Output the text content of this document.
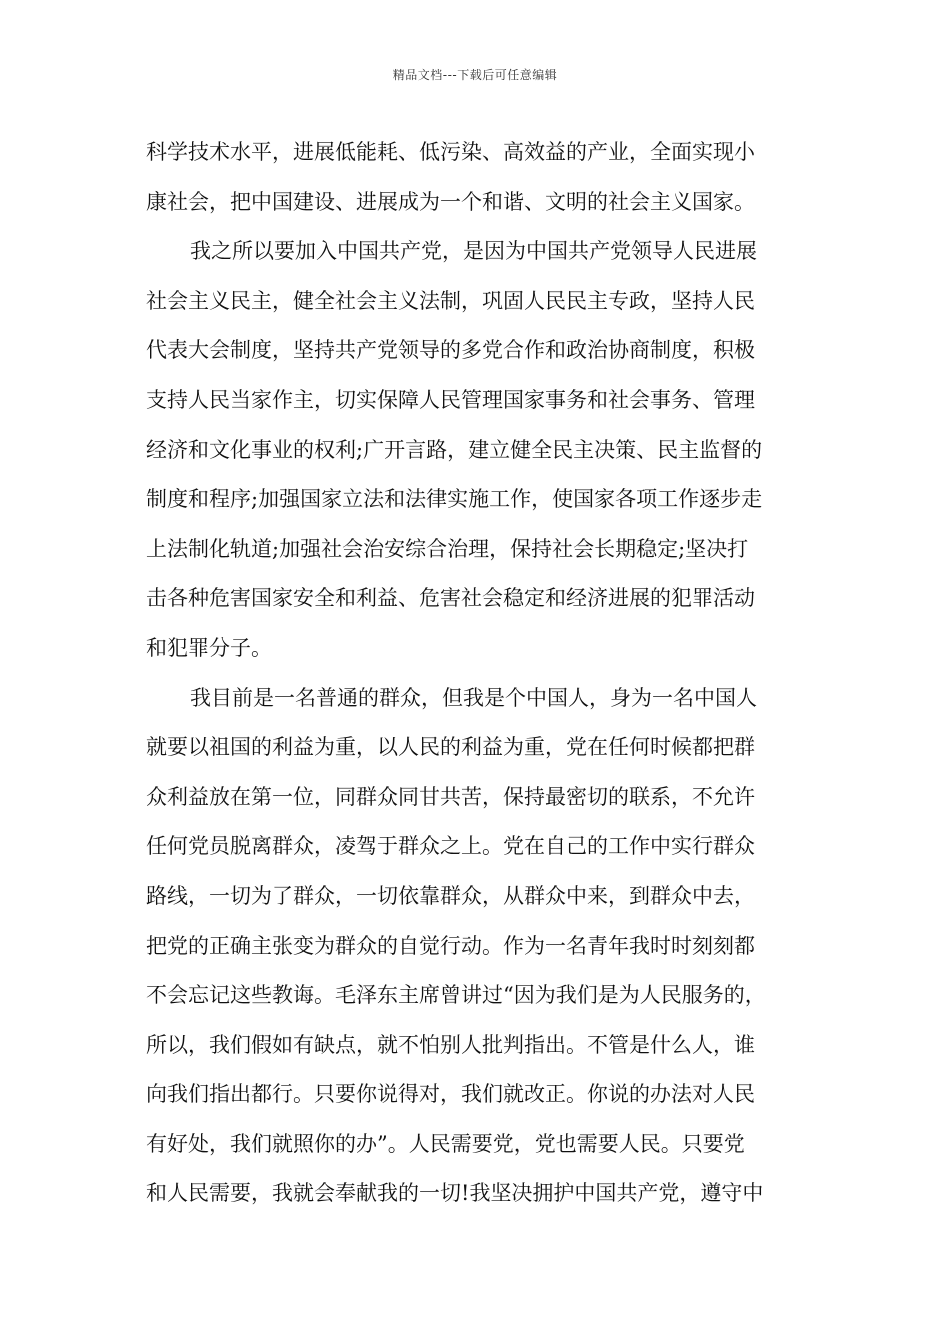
精品文档---下载后可任意编辑
科学技术水平，进展低能耗、低污染、高效益的产业，全面实现小
康社会，把中国建设、进展成为一个和谐、文明的社会主义国家。
我之所以要加入中国共产党，是因为中国共产党领导人民进展
社会主义民主，健全社会主义法制，巩固人民民主专政，坚持人民
代表大会制度，坚持共产党领导的多党合作和政治协商制度，积极
支持人民当家作主，切实保障人民管理国家事务和社会事务、管理
经济和文化事业的权利;广开言路，建立健全民主决策、民主监督的
制度和程序;加强国家立法和法律实施工作，使国家各项工作逐步走
上法制化轨道;加强社会治安综合治理，保持社会长期稳定;坚决打
击各种危害国家安全和利益、危害社会稳定和经济进展的犯罪活动
和犯罪分子。
我目前是一名普通的群众，但我是个中国人，身为一名中国人
就要以祖国的利益为重，以人民的利益为重，党在任何时候都把群
众利益放在第一位，同群众同甘共苦，保持最密切的联系，不允许
任何党员脱离群众，凌驾于群众之上。党在自己的工作中实行群众
路线，一切为了群众，一切依靠群众，从群众中来，到群众中去，
把党的正确主张变为群众的自觉行动。作为一名青年我时时刻刻都
不会忘记这些教诲。毛泽东主席曾讲过“因为我们是为人民服务的，
所以，我们假如有缺点，就不怕别人批判指出。不管是什么人，谁
向我们指出都行。只要你说得对，我们就改正。你说的办法对人民
有好处，我们就照你的办”。人民需要党，党也需要人民。只要党
和人民需要，我就会奉献我的一切!我坚决拥护中国共产党，遵守中
